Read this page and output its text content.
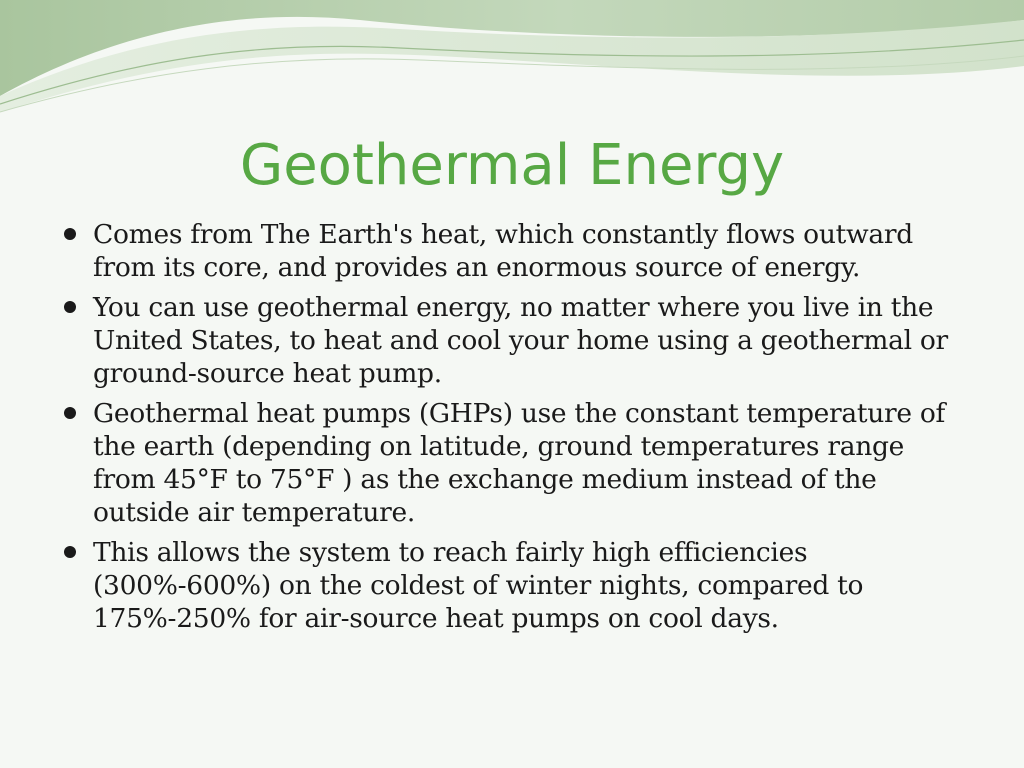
Geothermal Energy
Comes from The Earth's heat, which constantly flows outward from its core, and provides an enormous source of energy.
You can use geothermal energy, no matter where you live in the United States, to heat and cool your home using a geothermal or ground-source heat pump.
Geothermal heat pumps (GHPs) use the constant temperature of the earth (depending on latitude, ground temperatures range from 45°F to 75°F ) as the exchange medium instead of the outside air temperature.
This allows the system to reach fairly high efficiencies (300%-600%) on the coldest of winter nights, compared to 175%-250% for air-source heat pumps on cool days.
